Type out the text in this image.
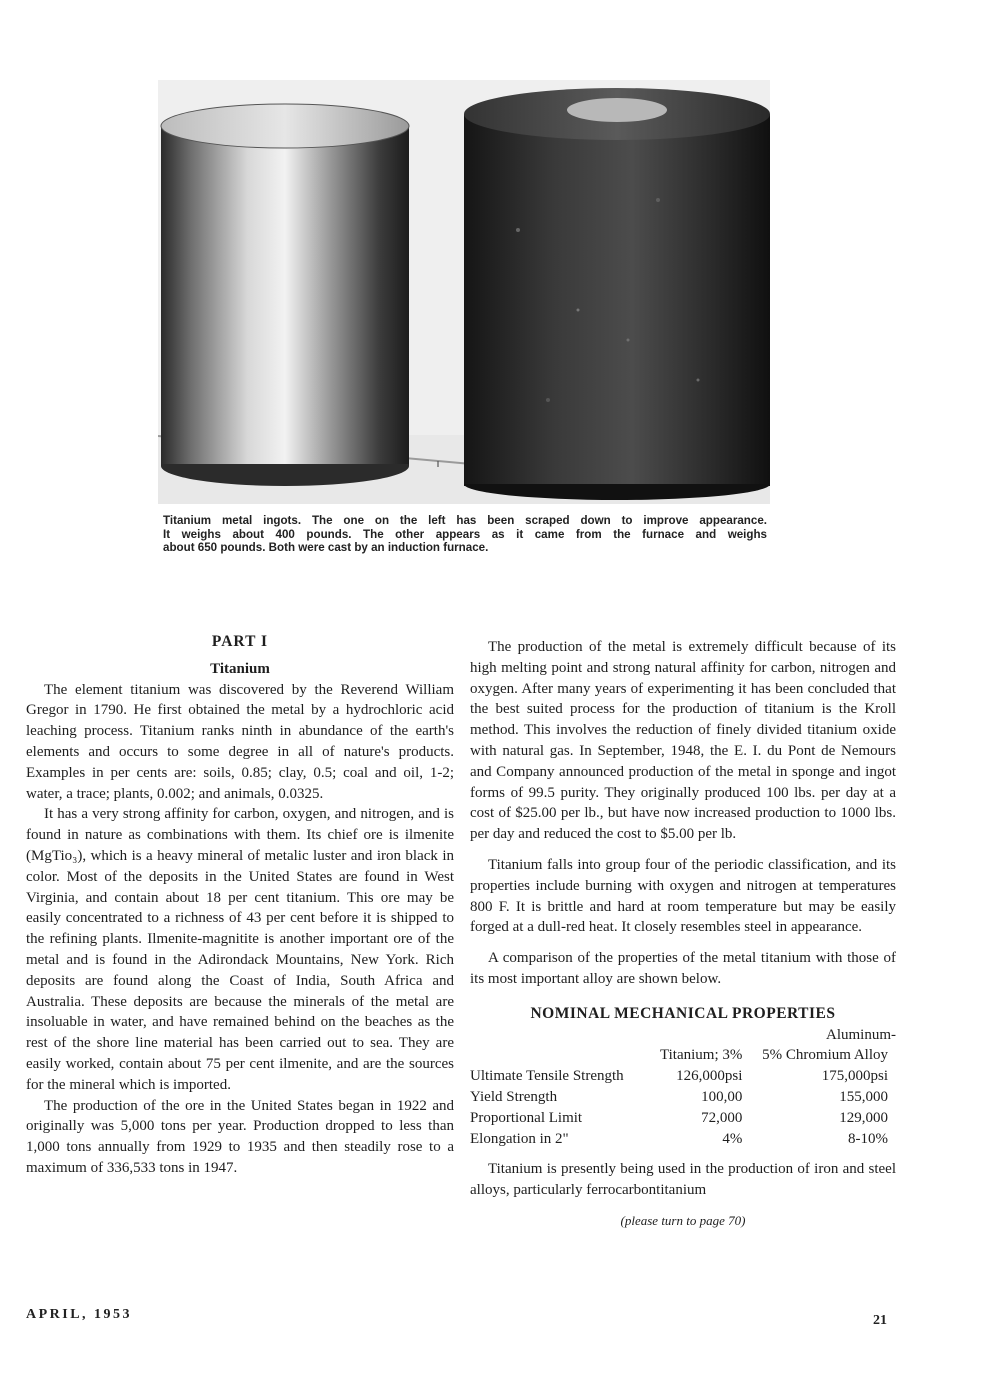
Titanium metal ingots. The one on the left has been scraped down to improve appearance.
It weighs about 400 pounds. The other appears as it came from the furnace and weighs
about 650 pounds. Both were cast by an induction furnace.
PART I
Titanium

The element titanium was discovered by the Reverend William Gregor in 1790. He first obtained the metal by a hydrochloric acid leaching process. Titanium ranks ninth in abundance of the earth's elements and occurs to some degree in all of nature's products. Examples in per cents are: soils, 0.85; clay, 0.5; coal and oil, 1-2; water, a trace; plants, 0.002; and animals, 0.0325.

It has a very strong affinity for carbon, oxygen, and nitrogen, and is found in nature as combinations with them. Its chief ore is ilmenite (MgTio₃), which is a heavy mineral of metalic luster and iron black in color. Most of the deposits in the United States are found in West Virginia, and contain about 18 per cent titanium. This ore may be easily concentrated to a richness of 43 per cent before it is shipped to the refining plants. Ilmenite-magnitite is another important ore of the metal and is found in the Adirondack Mountains, New York. Rich deposits are found along the Coast of India, South Africa and Australia. These deposits are because the minerals of the metal are insoluable in water, and have remained behind on the beaches as the rest of the shore line material has been carried out to sea. They are easily worked, contain about 75 per cent ilmenite, and are the sources for the mineral which is imported.

The production of the ore in the United States began in 1922 and originally was 5,000 tons per year. Production dropped to less than 1,000 tons annually from 1929 to 1935 and then steadily rose to a maximum of 336,533 tons in 1947.

The production of the metal is extremely difficult because of its high melting point and strong natural affinity for carbon, nitrogen and oxygen. After many years of experimenting it has been concluded that the best suited process for the production of titanium is the Kroll method. This involves the reduction of finely divided titanium oxide with natural gas. In September, 1948, the E. I. du Pont de Nemours and Company announced production of the metal in sponge and ingot forms of 99.5 purity. They originally produced 100 lbs. per day at a cost of $25.00 per lb., but have now increased production to 1000 lbs. per day and reduced the cost to $5.00 per lb.

Titanium falls into group four of the periodic classification, and its properties include burning with oxygen and nitrogen at temperatures 800 F. It is brittle and hard at room temperature but may be easily forged at a dull-red heat. It closely resembles steel in appearance.

A comparison of the properties of the metal titanium with those of its most important alloy are shown below.

NOMINAL MECHANICAL PROPERTIES
Aluminum-		
	Titanium; 3%	5% Chromium Alloy
Ultimate Tensile Strength	126,000psi	175,000psi
Yield Strength	100,00	155,000
Proportional Limit	72,000	129,000
Elongation in 2"	4%	8-10%

Titanium is presently being used in the production of iron and steel alloys, particularly ferrocarbontitanium

(please turn to page 70)
APRIL, 1953	21
